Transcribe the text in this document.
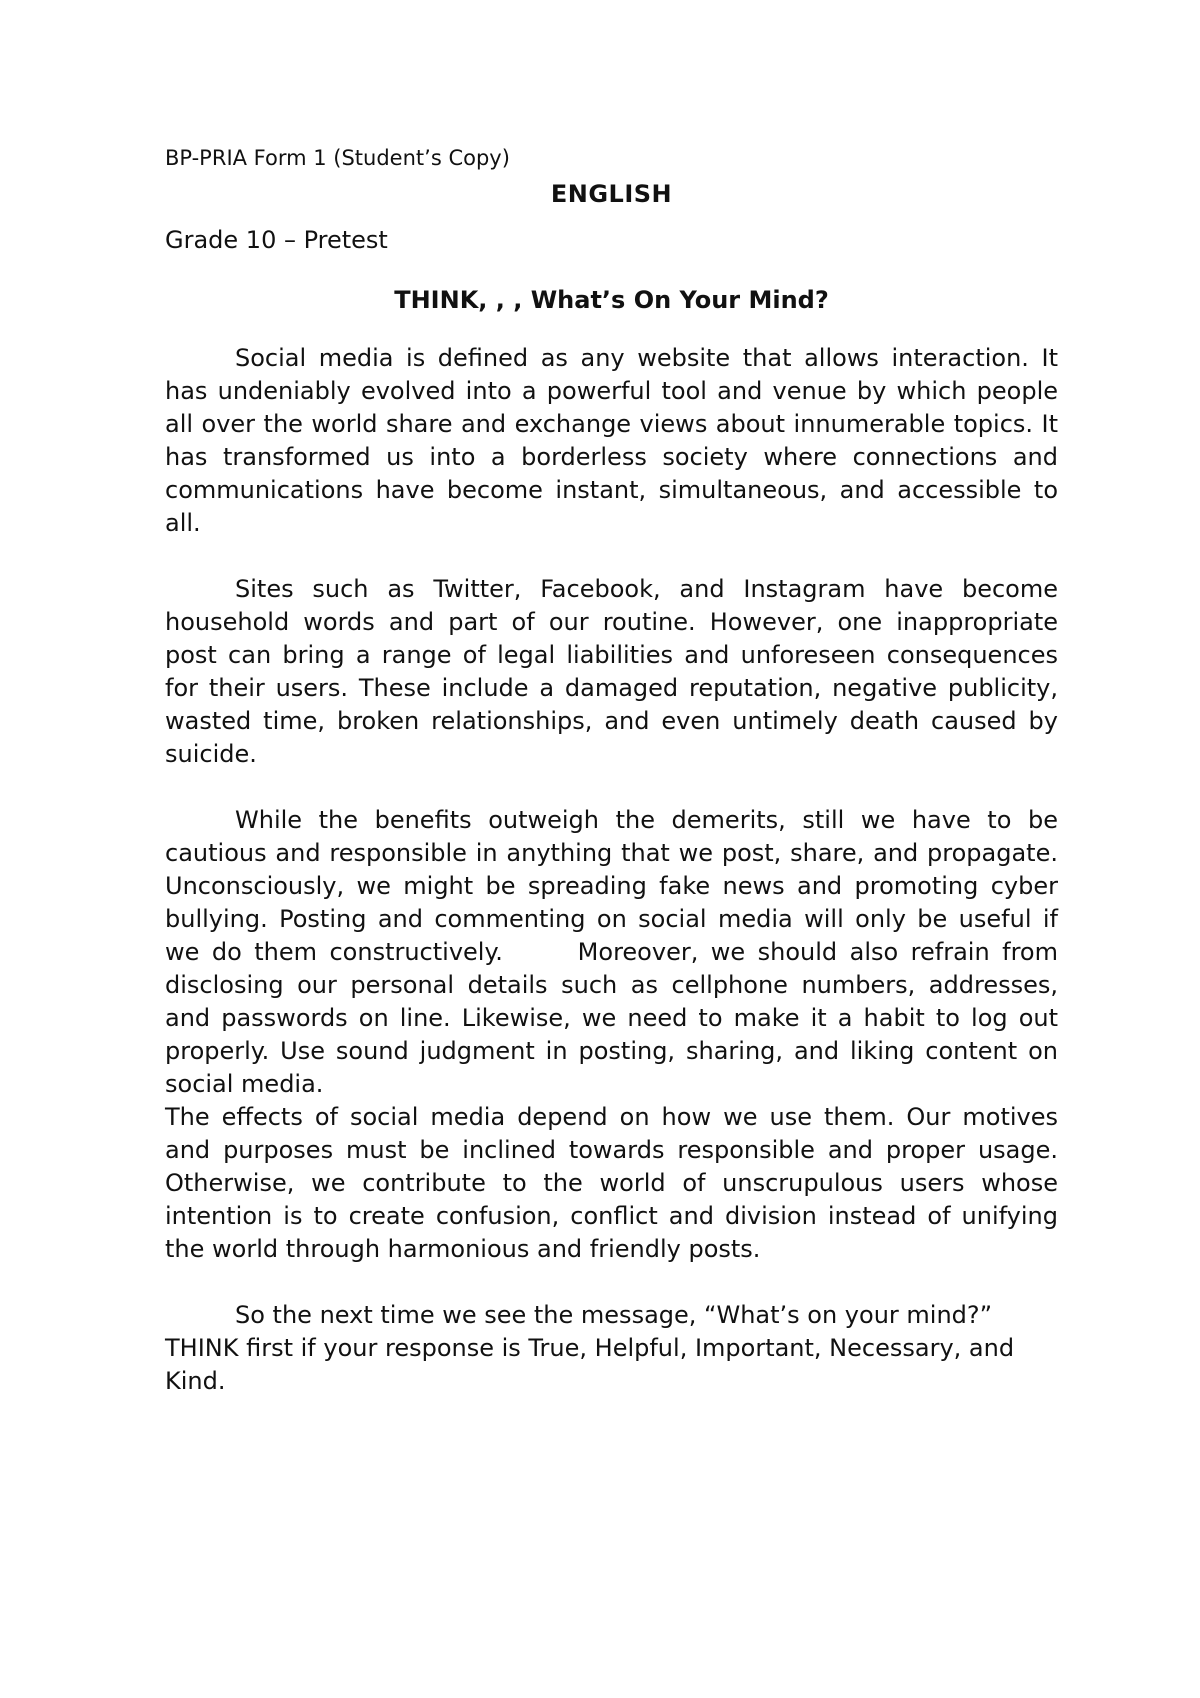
BP-PRIA Form 1 (Student’s Copy)

ENGLISH

Grade 10 – Pretest

THINK, , , What’s On Your Mind?

Social media is defined as any website that allows interaction. It has undeniably evolved into a powerful tool and venue by which people all over the world share and exchange views about innumerable topics. It has transformed us into a borderless society where connections and communications have become instant, simultaneous, and accessible to all.

Sites such as Twitter, Facebook, and Instagram have become household words and part of our routine. However, one inappropriate post can bring a range of legal liabilities and unforeseen consequences for their users. These include a damaged reputation, negative publicity, wasted time, broken relationships, and even untimely death caused by suicide.

While the benefits outweigh the demerits, still we have to be cautious and responsible in anything that we post, share, and propagate. Unconsciously, we might be spreading fake news and promoting cyber bullying. Posting and commenting on social media will only be useful if we do them constructively.      Moreover, we should also refrain from disclosing our personal details such as cellphone numbers, addresses, and passwords on line. Likewise, we need to make it a habit to log out properly. Use sound judgment in posting, sharing, and liking content on social media.

The effects of social media depend on how we use them. Our motives and purposes must be inclined towards responsible and proper usage. Otherwise, we contribute to the world of unscrupulous users whose intention is to create confusion, conflict and division instead of unifying the world through harmonious and friendly posts.

So the next time we see the message, “What’s on your mind?”  THINK first if your response is True, Helpful, Important, Necessary, and Kind.
